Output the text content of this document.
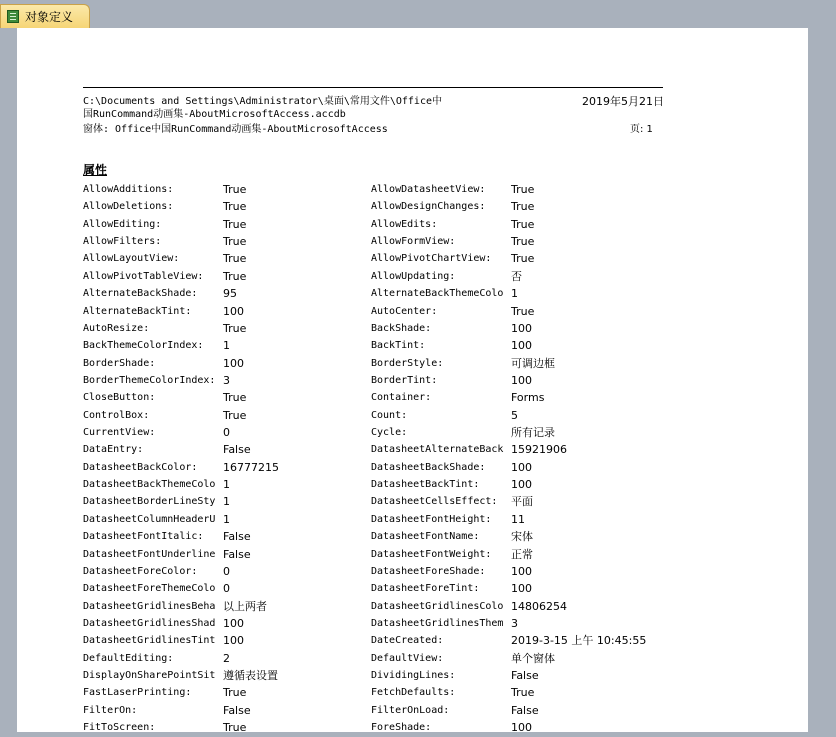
对象定义
C:\Documents and Settings\Administrator\桌面\常用文件\Office中
国RunCommand动画集-AboutMicrosoftAccess.accdb
2019年5月21日
窗体: Office中国RunCommand动画集-AboutMicrosoftAccess	页: 1
属性
AllowAdditions:	True	AllowDatasheetView:	True
AllowDeletions:	True	AllowDesignChanges:	True
AllowEditing:	True	AllowEdits:	True
AllowFilters:	True	AllowFormView:	True
AllowLayoutView:	True	AllowPivotChartView:	True
AllowPivotTableView:	True	AllowUpdating:	否
AlternateBackShade:	95	AlternateBackThemeColo 1
AlternateBackTint:	100	AutoCenter:	True
AutoResize:	True	BackShade:	100
BackThemeColorIndex:	1	BackTint:	100
BorderShade:	100	BorderStyle:	可调边框
BorderThemeColorIndex: 3	BorderTint:	100
CloseButton:	True	Container:	Forms
ControlBox:	True	Count:	5
CurrentView:	0	Cycle:	所有记录
DataEntry:	False	DatasheetAlternateBack 15921906
DatasheetBackColor:	16777215	DatasheetBackShade:	100
DatasheetBackThemeColo 1	DatasheetBackTint:	100
DatasheetBorderLineSty 1	DatasheetCellsEffect:	平面
DatasheetColumnHeaderU 1	DatasheetFontHeight:	11
DatasheetFontItalic:	False	DatasheetFontName:	宋体
DatasheetFontUnderline False	DatasheetFontWeight:	正常
DatasheetForeColor:	0	DatasheetForeShade:	100
DatasheetForeThemeColo 0	DatasheetForeTint:	100
DatasheetGridlinesBeha 以上两者	DatasheetGridlinesColo 14806254
DatasheetGridlinesShad 100	DatasheetGridlinesThem 3
DatasheetGridlinesTint 100	DateCreated:	2019-3-15 上午 10:45:55
DefaultEditing:	2	DefaultView:	单个窗体
DisplayOnSharePointSit 遵循表设置	DividingLines:	False
FastLaserPrinting:	True	FetchDefaults:	True
FilterOn:	False	FilterOnLoad:	False
FitToScreen:	True	ForeShade:	100
